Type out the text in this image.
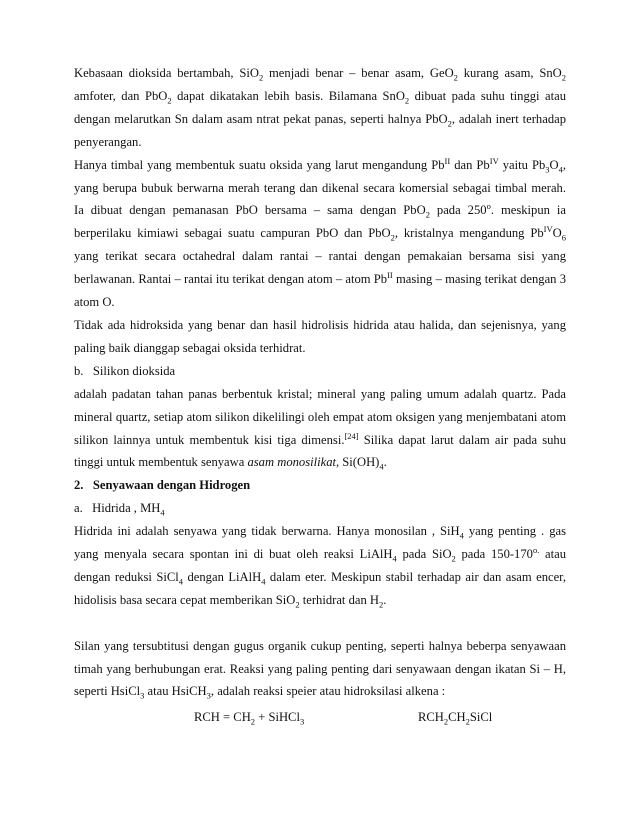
Kebasaan dioksida bertambah, SiO$_2$ menjadi benar – benar asam, GeO$_2$ kurang asam, SnO$_2$

amfoter, dan PbO$_2$ dapat dikatakan lebih basis. Bilamana SnO$_2$ dibuat pada suhu tinggi atau

dengan melarutkan Sn dalam asam ntrat pekat panas, seperti halnya PbO$_2$, adalah inert terhadap

penyerangan.

Hanya timbal yang membentuk suatu oksida yang larut mengandung $Pb^{II}$ dan $Pb^{IV}$ yaitu $Pb_3O_4$,

yang berupa bubuk berwarna merah terang dan dikenal secara komersial sebagai timbal merah.

Ia dibuat dengan pemanasan PbO bersama – sama dengan PbO$_2$ pada 250$^o$. meskipun ia

berperilaku kimiawi sebagai suatu campuran PbO dan PbO$_2$, kristalnya mengandung $Pb^{IV}O_6$

yang terikat secara octahedral dalam rantai – rantai dengan pemakaian bersama sisi yang

berlawanan. Rantai – rantai itu terikat dengan atom – atom $Pb^{II}$ masing – masing terikat dengan 3

atom O.

Tidak ada hidroksida yang benar dan hasil hidrolisis hidrida atau halida, dan sejenisnya, yang

paling baik dianggap sebagai oksida terhidrat.

b.   Silikon dioksida

adalah padatan tahan panas berbentuk kristal; mineral yang paling umum adalah quartz. Pada

mineral quartz, setiap atom silikon dikelilingi oleh empat atom oksigen yang menjembatani atom

silikon lainnya untuk membentuk kisi tiga dimensi.[24] Silika dapat larut dalam air pada suhu

tinggi untuk membentuk senyawa asam monosilikat, $Si(OH)_4$.

2.   Senyawaan dengan Hidrogen

a.   Hidrida , $MH_4$

Hidrida ini adalah senyawa yang tidak berwarna. Hanya monosilan , SiH$_4$ yang penting . gas

yang menyala secara spontan ini di buat oleh reaksi LiAlH$_4$ pada SiO$_2$ pada $150-170^{o.}$ atau

dengan reduksi SiCl$_4$ dengan LiAlH$_4$ dalam eter. Meskipun stabil terhadap air dan asam encer,

hidolisis basa secara cepat memberikan SiO$_2$ terhidrat dan $H_2$.

Silan yang tersubtitusi dengan gugus organik cukup penting, seperti halnya beberpa senyawaan

timah yang berhubungan erat. Reaksi yang paling penting dari senyawaan dengan ikatan Si – H,

seperti HsiCl$_3$ atau HsiCH$_3$, adalah reaksi speier atau hidroksilasi alkena :

RCH = $CH_2$ + SiHCl$_3$	$RCH_2CH_2SiCl$
